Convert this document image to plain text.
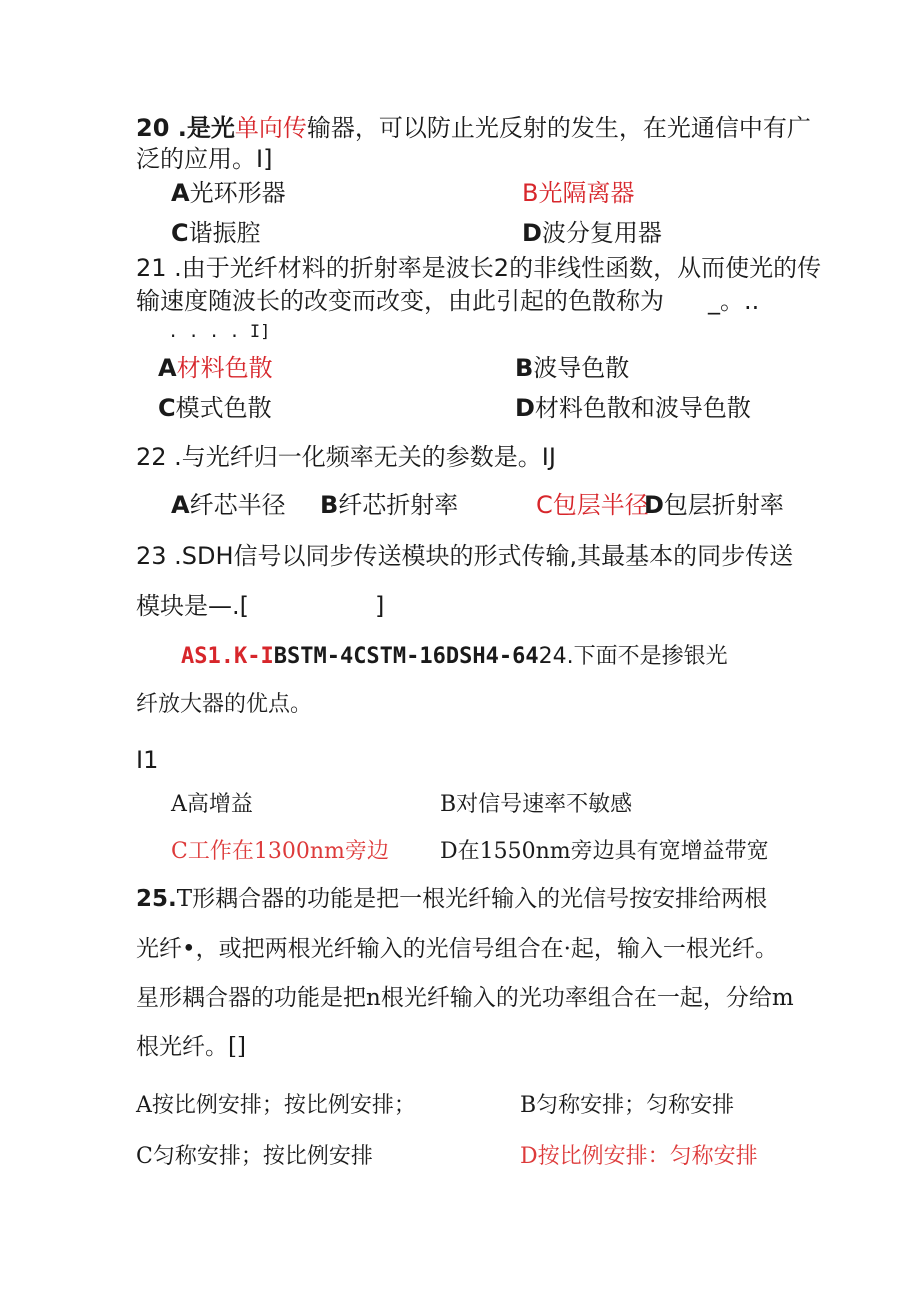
20 .是光单向传输器，可以防止光反射的发生，在光通信中有广
泛的应用。I]
A光环形器	B光隔离器
C谐振腔	D波分复用器
21 .由于光纤材料的折射率是波长2的非线性函数，从而使光的传
输速度随波长的改变而改变，由此引起的色散称为 _。..
. . . . I]
A材料色散	B波导色散
C模式色散	D材料色散和波导色散
22 .与光纤归一化频率无关的参数是。IJ
A纤芯半径 B纤芯折射率	C包层半径
D包层折射率
23 .SDH信号以同步传送模块的形式传输,其最基本的同步传送
模块是—.[	]
AS1.K-IBSTM-4CSTM-16DSH4-6424.下面不是掺银光
纤放大器的优点。
I1
A高增益	B对信号速率不敏感
C工作在1300nm旁边 D在1550nm旁边具有宽增益带宽
25.T形耦合器的功能是把一根光纤输入的光信号按安排给两根
光纤•，或把两根光纤输入的光信号组合在·起，输入一根光纤。
星形耦合器的功能是把n根光纤输入的光功率组合在一起，分给m
根光纤。[]
A按比例安排；按比例安排；	B匀称安排；匀称安排
C匀称安排；按比例安排	D按比例安排：匀称安排
